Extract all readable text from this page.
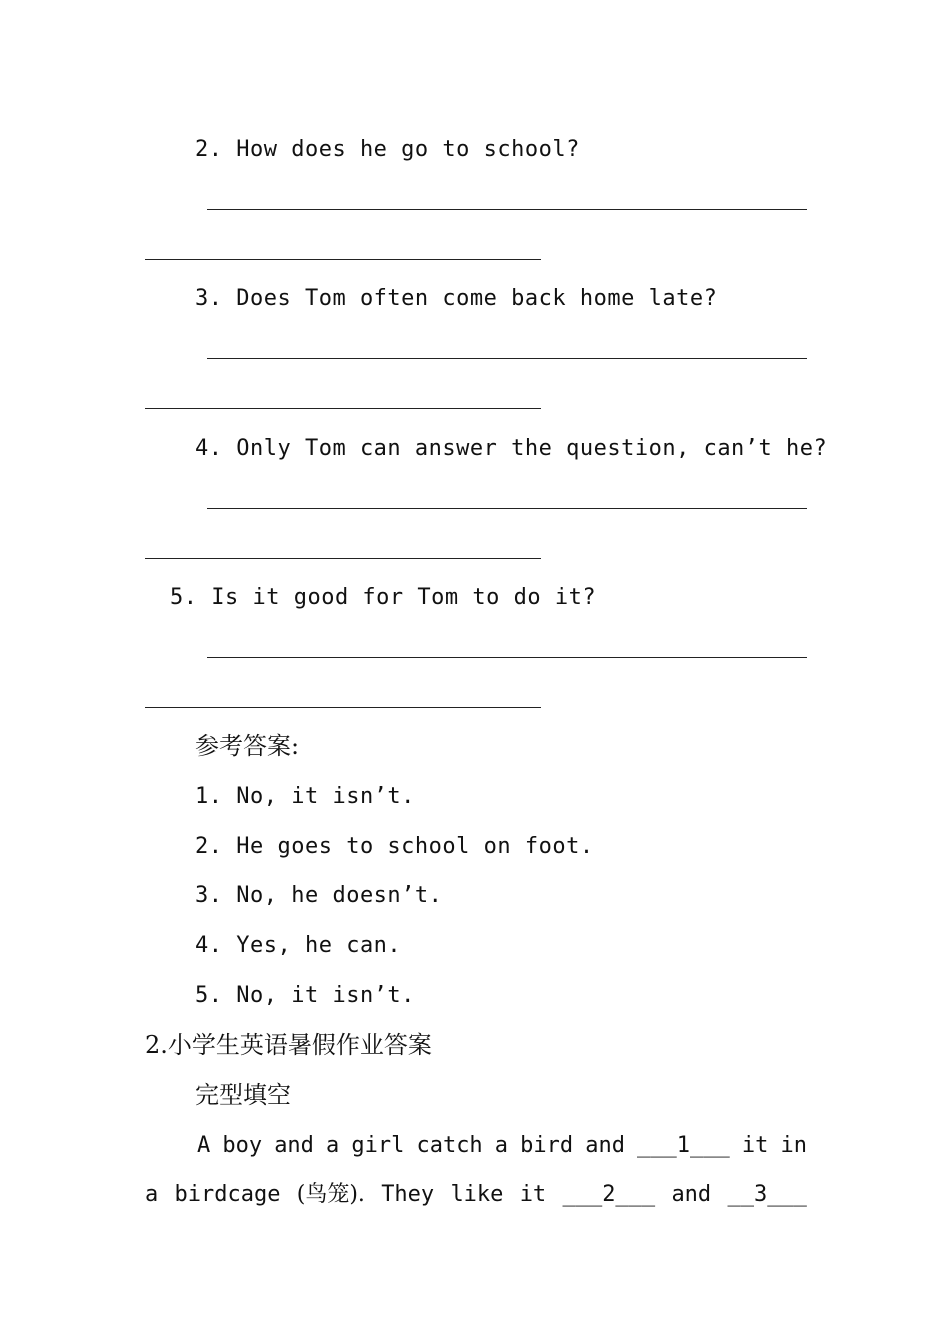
2. How does he go to school?
3. Does Tom often come back home late?
4. Only Tom can answer the question, can’t he?
5. Is it good for Tom to do it?
参考答案:
1. No, it isn’t.
2. He goes to school on foot.
3. No, he doesn’t.
4. Yes, he can.
5. No, it isn’t.
2.小学生英语暑假作业答案
完型填空
A boy and a girl catch a bird and ___1___ it in
a birdcage (鸟笼). They like it ___2___ and __3___
